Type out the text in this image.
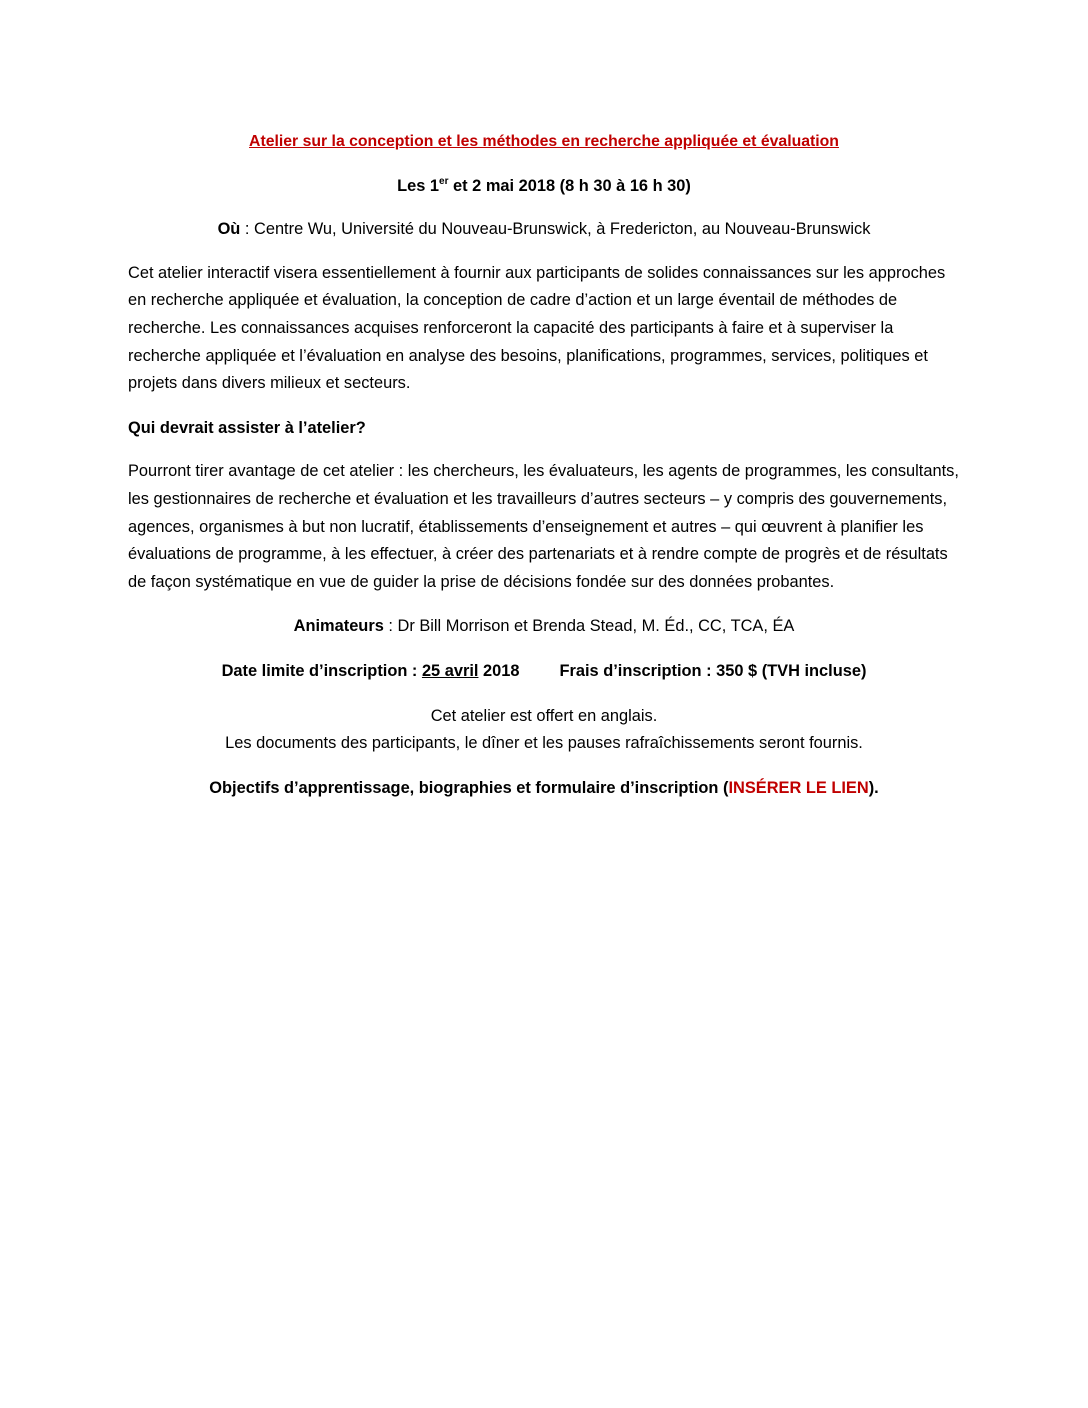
Atelier sur la conception et les méthodes en recherche appliquée et évaluation

Les 1er et 2 mai 2018 (8 h 30 à 16 h 30)

Où : Centre Wu, Université du Nouveau-Brunswick, à Fredericton, au Nouveau-Brunswick

Cet atelier interactif visera essentiellement à fournir aux participants de solides connaissances sur les approches en recherche appliquée et évaluation, la conception de cadre d’action et un large éventail de méthodes de recherche. Les connaissances acquises renforceront la capacité des participants à faire et à superviser la recherche appliquée et l’évaluation en analyse des besoins, planifications, programmes, services, politiques et projets dans divers milieux et secteurs.

Qui devrait assister à l’atelier?

Pourront tirer avantage de cet atelier : les chercheurs, les évaluateurs, les agents de programmes, les consultants, les gestionnaires de recherche et évaluation et les travailleurs d’autres secteurs – y compris des gouvernements, agences, organismes à but non lucratif, établissements d’enseignement et autres – qui œuvrent à planifier les évaluations de programme, à les effectuer, à créer des partenariats et à rendre compte de progrès et de résultats de façon systématique en vue de guider la prise de décisions fondée sur des données probantes.

Animateurs : Dr Bill Morrison et Brenda Stead, M. Éd., CC, TCA, ÉA

Date limite d’inscription : 25 avril 2018 Frais d’inscription : 350 $ (TVH incluse)

Cet atelier est offert en anglais.
Les documents des participants, le dîner et les pauses rafraîchissements seront fournis.

Objectifs d’apprentissage, biographies et formulaire d’inscription (INSÉRER LE LIEN).
